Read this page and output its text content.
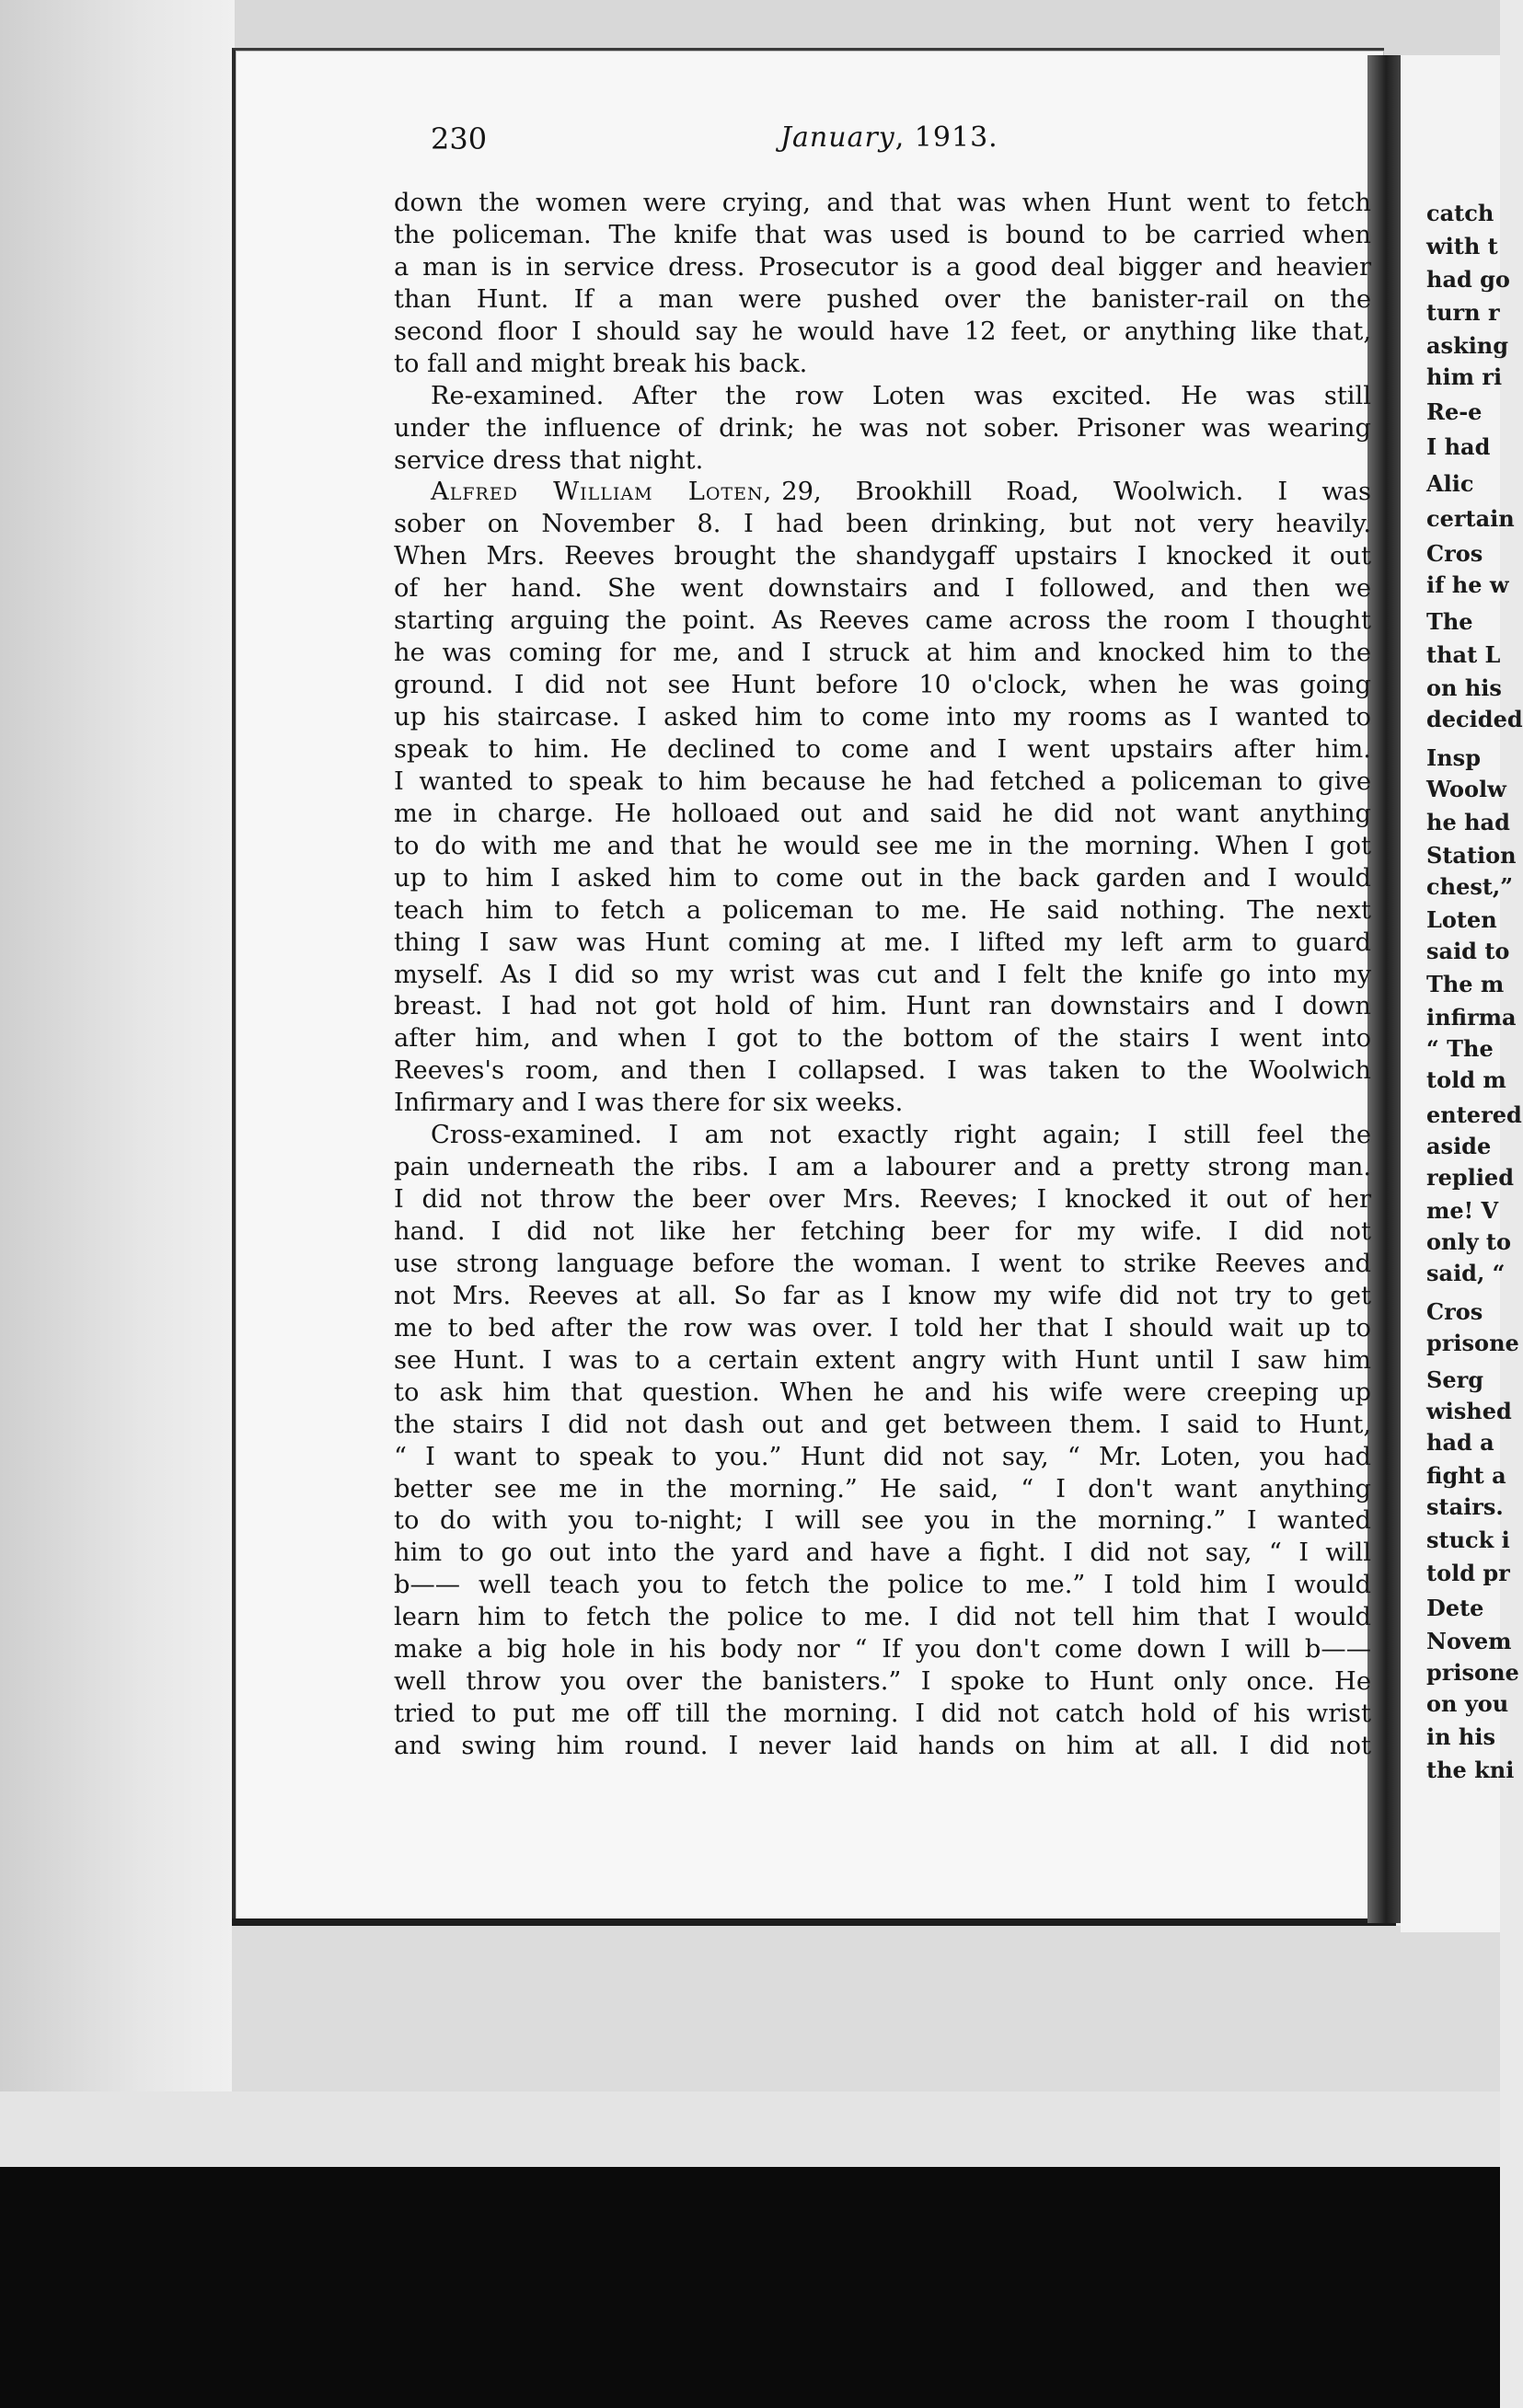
catch
with t
had go
turn r
asking
him ri
Re-e
I had
Alic
certain
Cros
if he w
The
that L
on his
decided
Insp
Woolw
he had
Station
chest,”
Loten
said to
The m
infirma
“ The
told m
entered
aside
replied
me! V
only to
said, “
Cros
prisone
Serg
wished
had a
fight a
stairs.
stuck i
told pr
Dete
Novem
prisone
on you
in his
the kni
230	January, 1913.
down the women were crying, and that was when Hunt went to fetch
the policeman. The knife that was used is bound to be carried when
a man is in service dress. Prosecutor is a good deal bigger and heavier
than Hunt. If a man were pushed over the banister-rail on the
second floor I should say he would have 12 feet, or anything like that,
to fall and might break his back.
Re-examined. After the row Loten was excited. He was still
under the influence of drink; he was not sober. Prisoner was wearing
service dress that night.
Alfred William Loten, 29, Brookhill Road, Woolwich. I was
sober on November 8. I had been drinking, but not very heavily.
When Mrs. Reeves brought the shandygaff upstairs I knocked it out
of her hand. She went downstairs and I followed, and then we
starting arguing the point. As Reeves came across the room I thought
he was coming for me, and I struck at him and knocked him to the
ground. I did not see Hunt before 10 o'clock, when he was going
up his staircase. I asked him to come into my rooms as I wanted to
speak to him. He declined to come and I went upstairs after him.
I wanted to speak to him because he had fetched a policeman to give
me in charge. He holloaed out and said he did not want anything
to do with me and that he would see me in the morning. When I got
up to him I asked him to come out in the back garden and I would
teach him to fetch a policeman to me. He said nothing. The next
thing I saw was Hunt coming at me. I lifted my left arm to guard
myself. As I did so my wrist was cut and I felt the knife go into my
breast. I had not got hold of him. Hunt ran downstairs and I down
after him, and when I got to the bottom of the stairs I went into
Reeves's room, and then I collapsed. I was taken to the Woolwich
Infirmary and I was there for six weeks.
Cross-examined. I am not exactly right again; I still feel the
pain underneath the ribs. I am a labourer and a pretty strong man.
I did not throw the beer over Mrs. Reeves; I knocked it out of her
hand. I did not like her fetching beer for my wife. I did not
use strong language before the woman. I went to strike Reeves and
not Mrs. Reeves at all. So far as I know my wife did not try to get
me to bed after the row was over. I told her that I should wait up to
see Hunt. I was to a certain extent angry with Hunt until I saw him
to ask him that question. When he and his wife were creeping up
the stairs I did not dash out and get between them. I said to Hunt,
“ I want to speak to you.” Hunt did not say, “ Mr. Loten, you had
better see me in the morning.” He said, “ I don't want anything
to do with you to-night; I will see you in the morning.” I wanted
him to go out into the yard and have a fight. I did not say, “ I will
b—— well teach you to fetch the police to me.” I told him I would
learn him to fetch the police to me. I did not tell him that I would
make a big hole in his body nor “ If you don't come down I will b——
well throw you over the banisters.” I spoke to Hunt only once. He
tried to put me off till the morning. I did not catch hold of his wrist
and swing him round. I never laid hands on him at all. I did not
